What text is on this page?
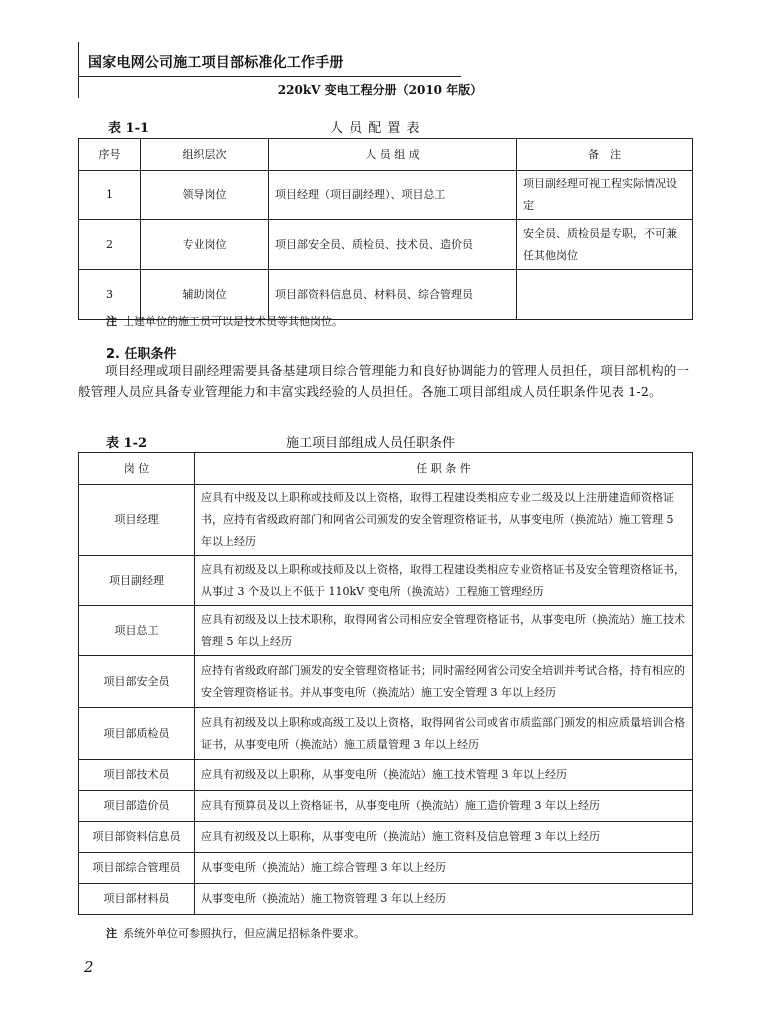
国家电网公司施工项目部标准化工作手册
220kV 变电工程分册（2010 年版）
表 1-1	人 员 配 置 表
序号	组织层次	人 员 组 成	备　注
1	领导岗位	项目经理（项目副经理）、项目总工	项目副经理可视工程实际情况设定
2	专业岗位	项目部安全员、质检员、技术员、造价员	安全员、质检员是专职，不可兼任其他岗位
3	辅助岗位	项目部资料信息员、材料员、综合管理员	
注 土建单位的施工员可以是技术员等其他岗位。
2. 任职条件
项目经理或项目副经理需要具备基建项目综合管理能力和良好协调能力的管理人员担任，项目部机构的一般管理人员应具备专业管理能力和丰富实践经验的人员担任。各施工项目部组成人员任职条件见表 1-2。
表 1-2	施工项目部组成人员任职条件
岗 位	任 职 条 件
项目经理	应具有中级及以上职称或技师及以上资格，取得工程建设类相应专业二级及以上注册建造师资格证书，应持有省级政府部门和网省公司颁发的安全管理资格证书，从事变电所（换流站）施工管理 5 年以上经历
项目副经理	应具有初级及以上职称或技师及以上资格，取得工程建设类相应专业资格证书及安全管理资格证书，从事过 3 个及以上不低于 110kV 变电所（换流站）工程施工管理经历
项目总工	应具有初级及以上技术职称，取得网省公司相应安全管理资格证书，从事变电所（换流站）施工技术管理 5 年以上经历
项目部安全员	应持有省级政府部门颁发的安全管理资格证书；同时需经网省公司安全培训并考试合格，持有相应的安全管理资格证书。并从事变电所（换流站）施工安全管理 3 年以上经历
项目部质检员	应具有初级及以上职称或高级工及以上资格，取得网省公司或省市质监部门颁发的相应质量培训合格证书，从事变电所（换流站）施工质量管理 3 年以上经历
项目部技术员	应具有初级及以上职称，从事变电所（换流站）施工技术管理 3 年以上经历
项目部造价员	应具有预算员及以上资格证书，从事变电所（换流站）施工造价管理 3 年以上经历
项目部资料信息员	应具有初级及以上职称，从事变电所（换流站）施工资料及信息管理 3 年以上经历
项目部综合管理员	从事变电所（换流站）施工综合管理 3 年以上经历
项目部材料员	从事变电所（换流站）施工物资管理 3 年以上经历
注 系统外单位可参照执行，但应满足招标条件要求。
2
